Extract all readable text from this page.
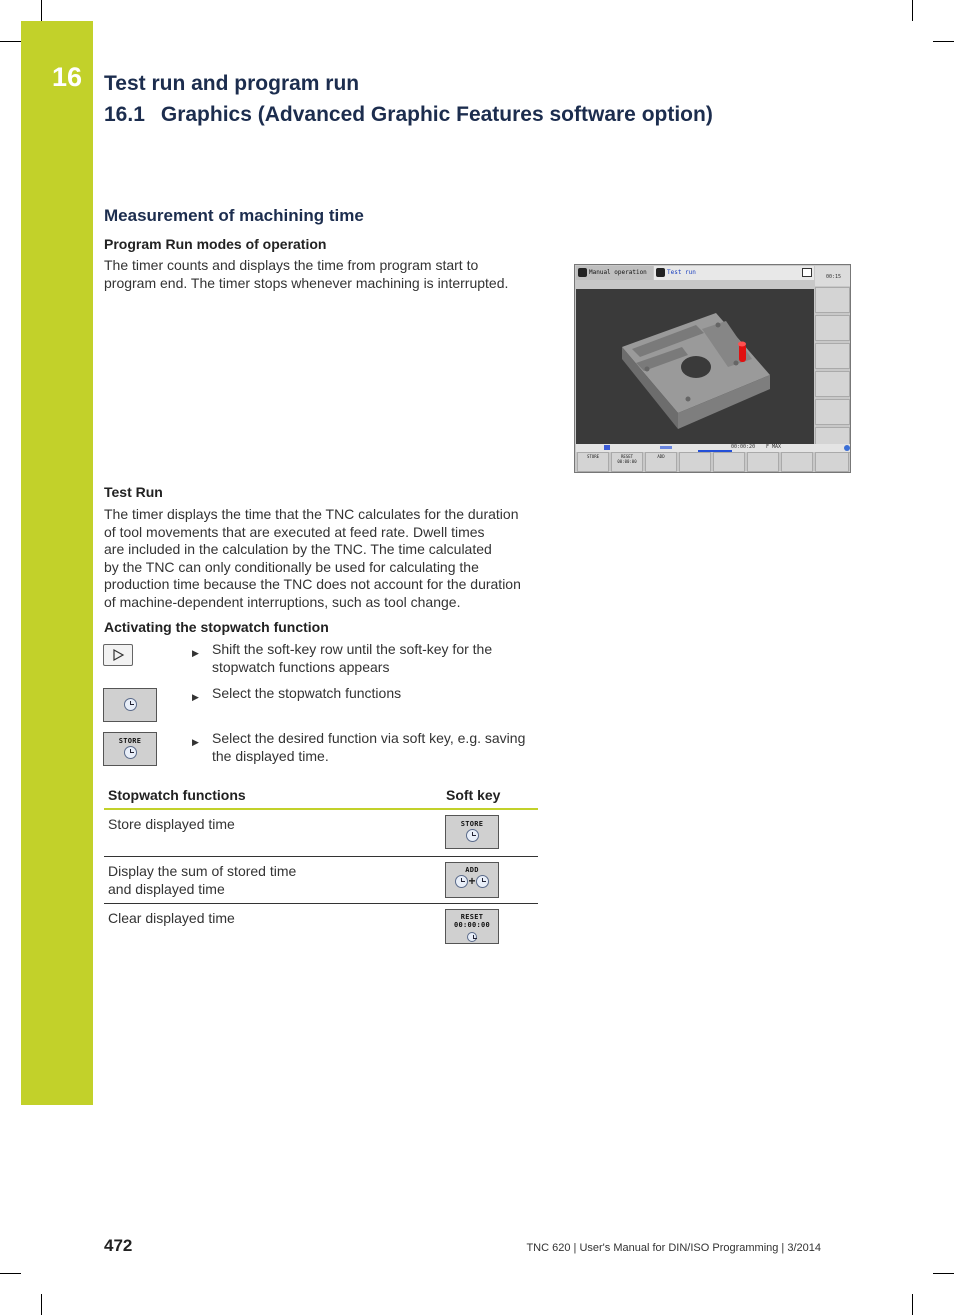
16 Test run and program run
16.1 Graphics (Advanced Graphic Features software option)
Measurement of machining time
Program Run modes of operation
The timer counts and displays the time from program start to
program end. The timer stops whenever machining is interrupted.
Manual operation	Test run
00:15
00:00:20 F MAX
STORE	RESET
00:00:00
ADD
Test Run
The timer displays the time that the TNC calculates for the duration
of tool movements that are executed at feed rate. Dwell times
are included in the calculation by the TNC. The time calculated
by the TNC can only conditionally be used for calculating the
production time because the TNC does not account for the duration
of machine-dependent interruptions, such as tool change.
Activating the stopwatch function
STORE
▶ Shift the soft-key row until the soft-key for the
stopwatch functions appears
▶ Select the stopwatch functions
▶ Select the desired function via soft key, e.g. saving
the displayed time.
Stopwatch functions	Soft key
Store displayed time	STORE
Display the sum of stored time
and displayed time
ADD
+
Clear displayed time	RESET
00:00:00
472	TNC 620 | User's Manual for DIN/ISO Programming | 3/2014
